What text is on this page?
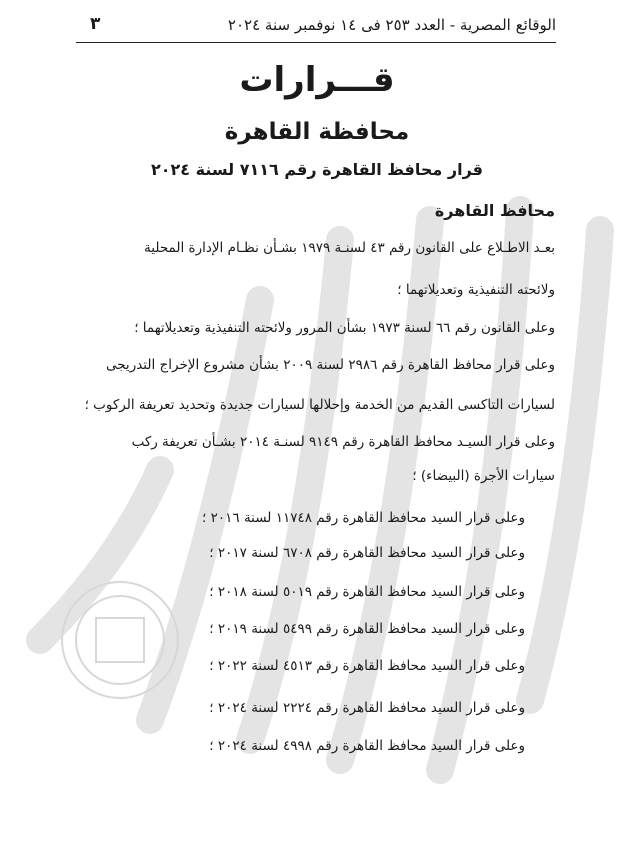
الوقائع المصرية - العدد ٢٥٣ فى ١٤ نوفمبر سنة ٢٠٢٤
٣
قـــرارات
محافظة القاهرة
قرار محافظ القاهرة رقم ٧١١٦ لسنة ٢٠٢٤
محافظ القاهرة
بعـد الاطـلاع على القانون رقم ٤٣ لسنـة ١٩٧٩ بشـأن نظـام الإدارة المحلية
ولائحته التنفيذية وتعديلاتهما ؛
وعلى القانون رقم ٦٦ لسنة ١٩٧٣ بشأن المرور ولائحته التنفيذية وتعديلاتهما ؛
وعلى قرار محافظ القاهرة رقم ٢٩٨٦ لسنة ٢٠٠٩ بشأن مشروع الإخراج التدريجى
لسيارات التاكسى القديم من الخدمة وإحلالها لسيارات جديدة وتحديد تعريفة الركوب ؛
وعلى قرار السيـد محافظ القاهرة رقم ٩١٤٩ لسنـة ٢٠١٤ بشـأن تعريفة ركب
سيارات الأجرة (البيضاء) ؛
وعلى قرار السيد محافظ القاهرة رقم ١١٧٤٨ لسنة ٢٠١٦ ؛
وعلى قرار السيد محافظ القاهرة رقم ٦٧٠٨ لسنة ٢٠١٧ ؛
وعلى قرار السيد محافظ القاهرة رقم ٥٠١٩ لسنة ٢٠١٨ ؛
وعلى قرار السيد محافظ القاهرة رقم ٥٤٩٩ لسنة ٢٠١٩ ؛
وعلى قرار السيد محافظ القاهرة رقم ٤٥١٣ لسنة ٢٠٢٢ ؛
وعلى قرار السيد محافظ القاهرة رقم ٢٢٢٤ لسنة ٢٠٢٤ ؛
وعلى قرار السيد محافظ القاهرة رقم ٤٩٩٨ لسنة ٢٠٢٤ ؛
